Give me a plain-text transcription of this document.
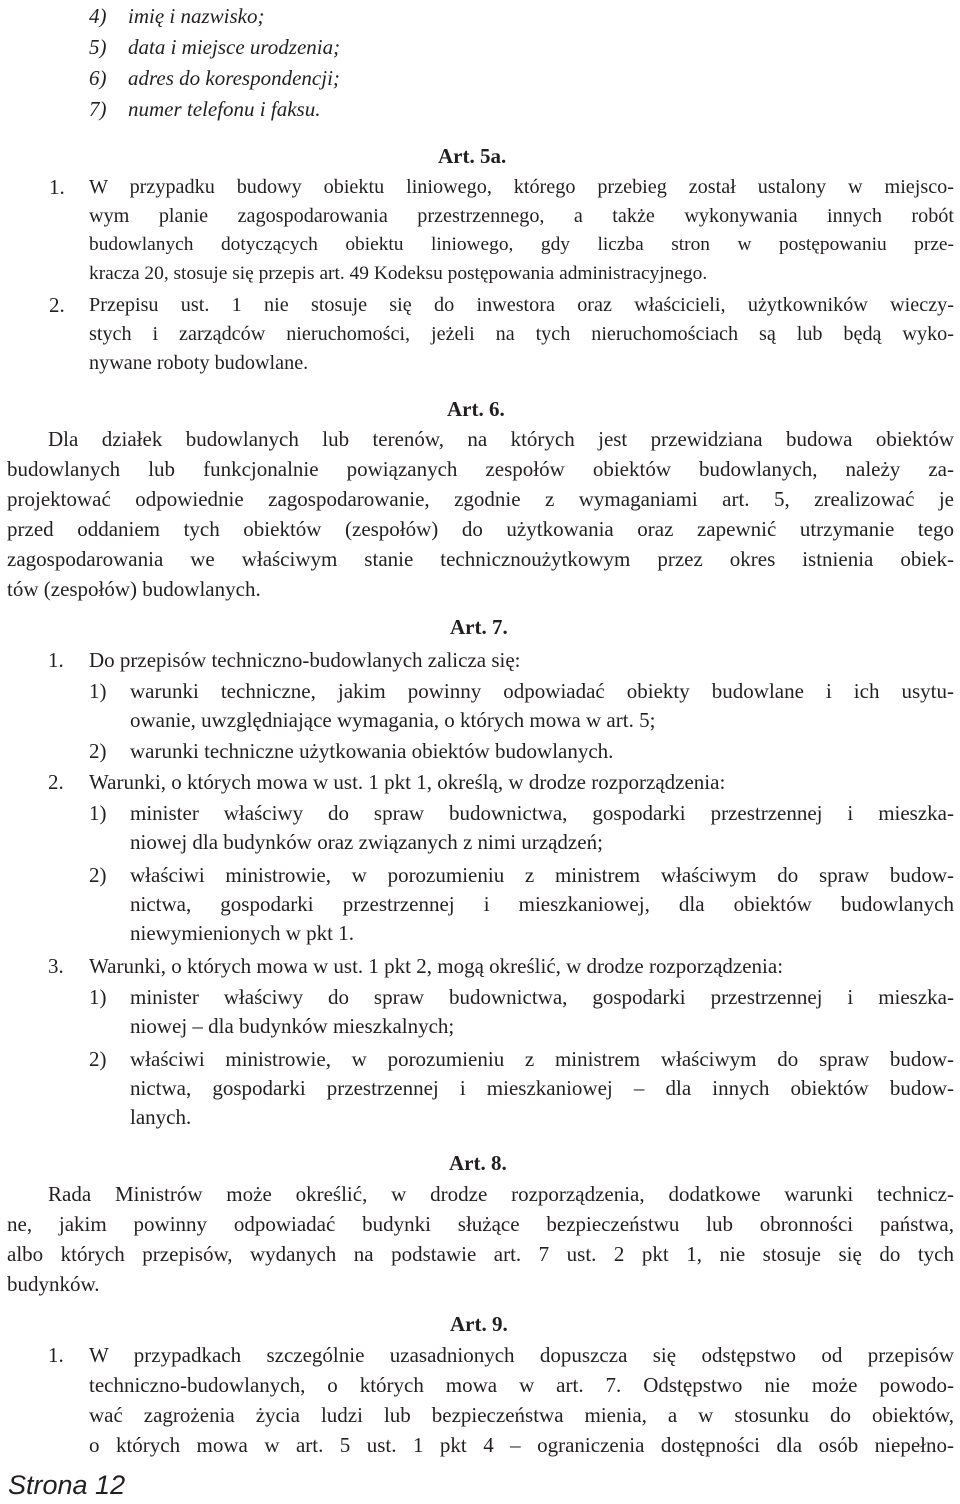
4) imię i nazwisko;
5) data i miejsce urodzenia;
6) adres do korespondencji;
7) numer telefonu i faksu.
Art. 5a.
1. W przypadku budowy obiektu liniowego, którego przebieg został ustalony w miejsco-
wym planie zagospodarowania przestrzennego, a także wykonywania innych robót
budowlanych dotyczących obiektu liniowego, gdy liczba stron w postępowaniu prze-
kracza 20, stosuje się przepis art. 49 Kodeksu postępowania administracyjnego.
2. Przepisu ust. 1 nie stosuje się do inwestora oraz właścicieli, użytkowników wieczy-
stych i zarządców nieruchomości, jeżeli na tych nieruchomościach są lub będą wyko-
nywane roboty budowlane.
Art. 6.
Dla działek budowlanych lub terenów, na których jest przewidziana budowa obiektów
budowlanych lub funkcjonalnie powiązanych zespołów obiektów budowlanych, należy za-
projektować odpowiednie zagospodarowanie, zgodnie z wymaganiami art. 5, zrealizować je
przed oddaniem tych obiektów (zespołów) do użytkowania oraz zapewnić utrzymanie tego
zagospodarowania we właściwym stanie technicznoużytkowym przez okres istnienia obiek-
tów (zespołów) budowlanych.
Art. 7.
1. Do przepisów techniczno-budowlanych zalicza się:
1) warunki techniczne, jakim powinny odpowiadać obiekty budowlane i ich usytu-
owanie, uwzględniające wymagania, o których mowa w art. 5;
2) warunki techniczne użytkowania obiektów budowlanych.
2. Warunki, o których mowa w ust. 1 pkt 1, określą, w drodze rozporządzenia:
1) minister właściwy do spraw budownictwa, gospodarki przestrzennej i mieszka-
niowej dla budynków oraz związanych z nimi urządzeń;
2) właściwi ministrowie, w porozumieniu z ministrem właściwym do spraw budow-
nictwa, gospodarki przestrzennej i mieszkaniowej, dla obiektów budowlanych
niewymienionych w pkt 1.
3. Warunki, o których mowa w ust. 1 pkt 2, mogą określić, w drodze rozporządzenia:
1) minister właściwy do spraw budownictwa, gospodarki przestrzennej i mieszka-
niowej – dla budynków mieszkalnych;
2) właściwi ministrowie, w porozumieniu z ministrem właściwym do spraw budow-
nictwa, gospodarki przestrzennej i mieszkaniowej – dla innych obiektów budow-
lanych.
Art. 8.
Rada Ministrów może określić, w drodze rozporządzenia, dodatkowe warunki technicz-
ne, jakim powinny odpowiadać budynki służące bezpieczeństwu lub obronności państwa,
albo których przepisów, wydanych na podstawie art. 7 ust. 2 pkt 1, nie stosuje się do tych
budynków.
Art. 9.
1. W przypadkach szczególnie uzasadnionych dopuszcza się odstępstwo od przepisów
techniczno-budowlanych, o których mowa w art. 7. Odstępstwo nie może powodo-
wać zagrożenia życia ludzi lub bezpieczeństwa mienia, a w stosunku do obiektów,
o których mowa w art. 5 ust. 1 pkt 4 – ograniczenia dostępności dla osób niepełno-
Strona 12
